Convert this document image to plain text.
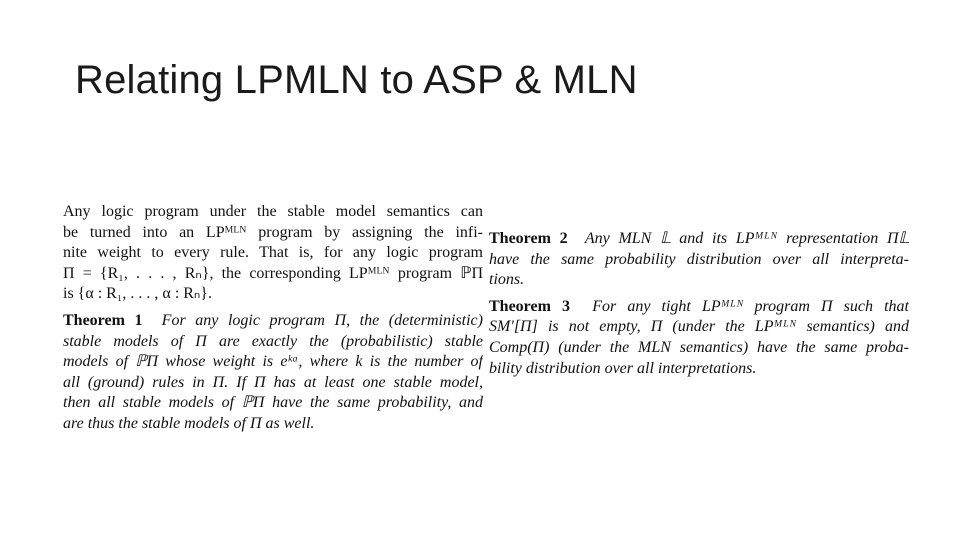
Relating LPMLN to ASP & MLN
Any logic program under the stable model semantics can
be turned into an LPᴹᴸᴺ program by assigning the infi-
nite weight to every rule. That is, for any logic program
Π = {R₁, . . . , Rₙ}, the corresponding LPᴹᴸᴺ program ℙΠ
is {α : R₁, . . . , α : Rₙ}.
Theorem 1 For any logic program Π, the (deterministic)
stable models of Π are exactly the (probabilistic) stable
models of ℙΠ whose weight is eᵏᵅ, where k is the number of
all (ground) rules in Π. If Π has at least one stable model,
then all stable models of ℙΠ have the same probability, and
are thus the stable models of Π as well.
Theorem 2 Any MLN 𝕃 and its LPᴹᴸᴺ representation Π𝕃
have the same probability distribution over all interpreta-
tions.
Theorem 3 For any tight LPᴹᴸᴺ program Π such that
SM′[Π] is not empty, Π (under the LPᴹᴸᴺ semantics) and
Comp(Π) (under the MLN semantics) have the same proba-
bility distribution over all interpretations.
